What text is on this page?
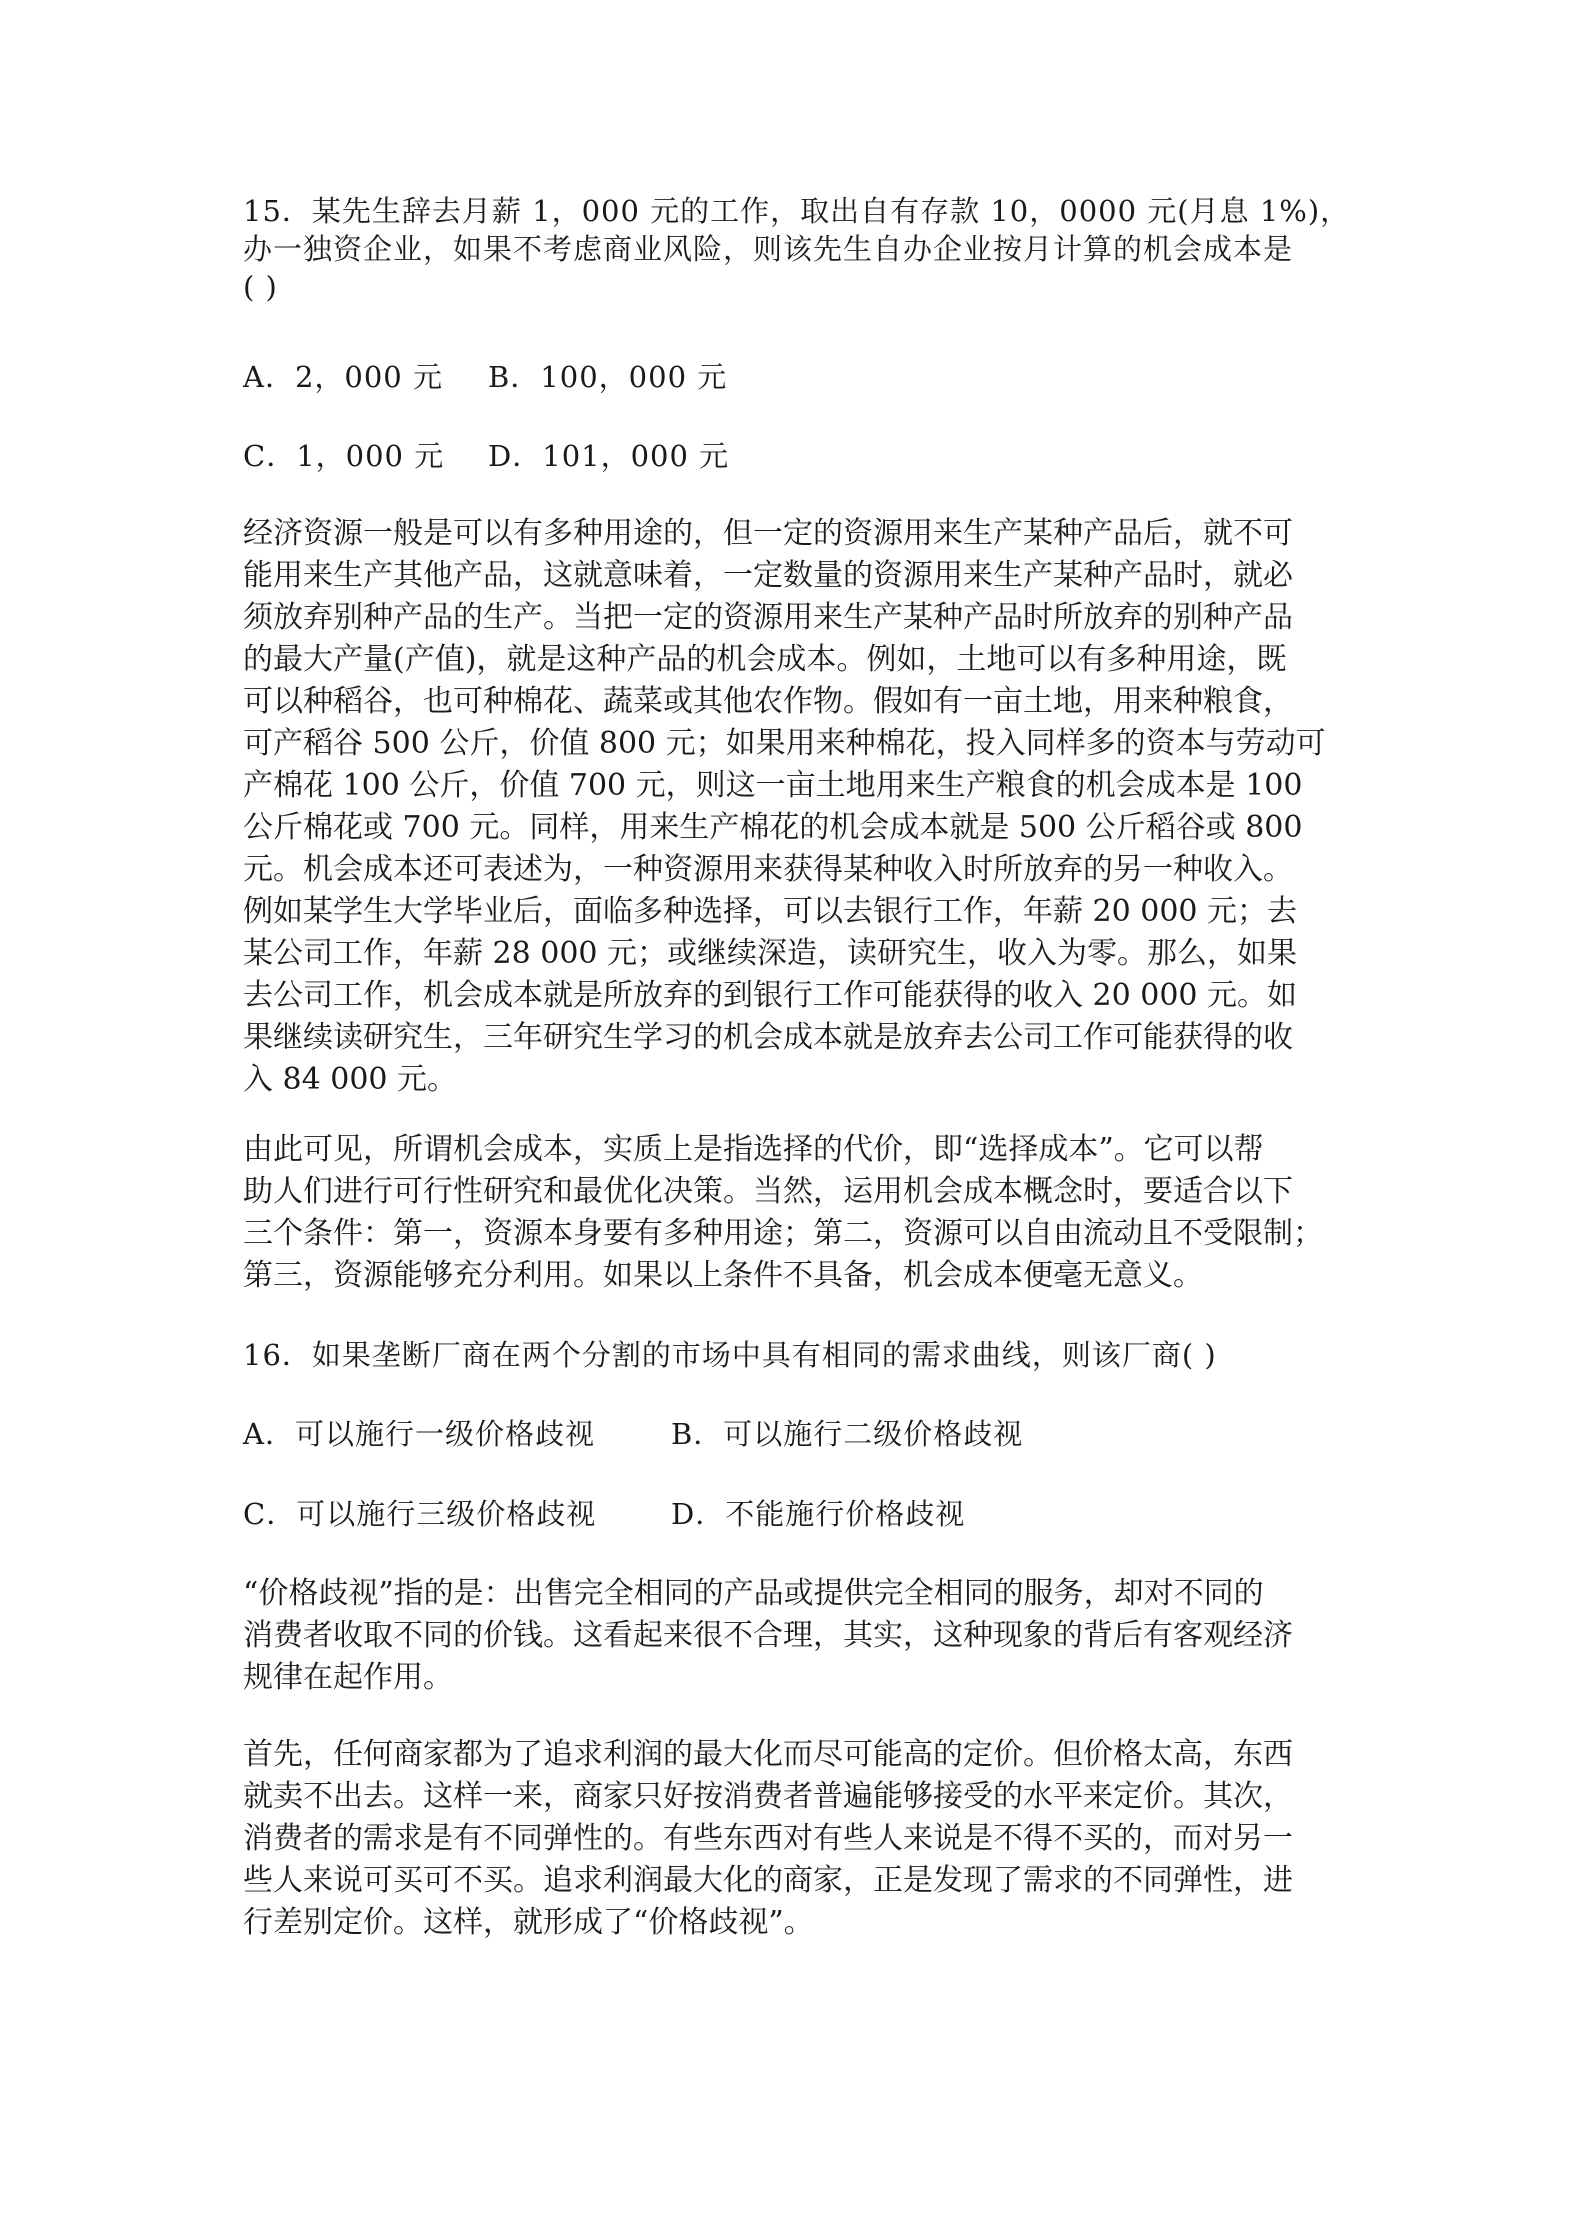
15．某先生辞去月薪 1，000 元的工作，取出自有存款 10，0000 元(月息 1%)，
办一独资企业，如果不考虑商业风险，则该先生自办企业按月计算的机会成本是
( )
A．2，000 元 B．100，000 元
C．1，000 元 D．101，000 元
经济资源一般是可以有多种用途的，但一定的资源用来生产某种产品后，就不可
能用来生产其他产品，这就意味着，一定数量的资源用来生产某种产品时，就必
须放弃别种产品的生产。当把一定的资源用来生产某种产品时所放弃的别种产品
的最大产量(产值)，就是这种产品的机会成本。例如，土地可以有多种用途，既
可以种稻谷，也可种棉花、蔬菜或其他农作物。假如有一亩土地，用来种粮食，
可产稻谷 500 公斤，价值 800 元；如果用来种棉花，投入同样多的资本与劳动可
产棉花 100 公斤，价值 700 元，则这一亩土地用来生产粮食的机会成本是 100
公斤棉花或 700 元。同样，用来生产棉花的机会成本就是 500 公斤稻谷或 800
元。机会成本还可表述为，一种资源用来获得某种收入时所放弃的另一种收入。
例如某学生大学毕业后，面临多种选择，可以去银行工作，年薪 20 000 元；去
某公司工作，年薪 28 000 元；或继续深造，读研究生，收入为零。那么，如果
去公司工作，机会成本就是所放弃的到银行工作可能获得的收入 20 000 元。如
果继续读研究生，三年研究生学习的机会成本就是放弃去公司工作可能获得的收
入 84 000 元。
由此可见，所谓机会成本，实质上是指选择的代价，即“选择成本”。它可以帮
助人们进行可行性研究和最优化决策。当然，运用机会成本概念时，要适合以下
三个条件：第一，资源本身要有多种用途；第二，资源可以自由流动且不受限制；
第三，资源能够充分利用。如果以上条件不具备，机会成本便毫无意义。
16．如果垄断厂商在两个分割的市场中具有相同的需求曲线，则该厂商( )
A．可以施行一级价格歧视	B．可以施行二级价格歧视
C．可以施行三级价格歧视	D．不能施行价格歧视
“价格歧视”指的是：出售完全相同的产品或提供完全相同的服务，却对不同的
消费者收取不同的价钱。这看起来很不合理，其实，这种现象的背后有客观经济
规律在起作用。
首先，任何商家都为了追求利润的最大化而尽可能高的定价。但价格太高，东西
就卖不出去。这样一来，商家只好按消费者普遍能够接受的水平来定价。其次，
消费者的需求是有不同弹性的。有些东西对有些人来说是不得不买的，而对另一
些人来说可买可不买。追求利润最大化的商家，正是发现了需求的不同弹性，进
行差别定价。这样，就形成了“价格歧视”。
